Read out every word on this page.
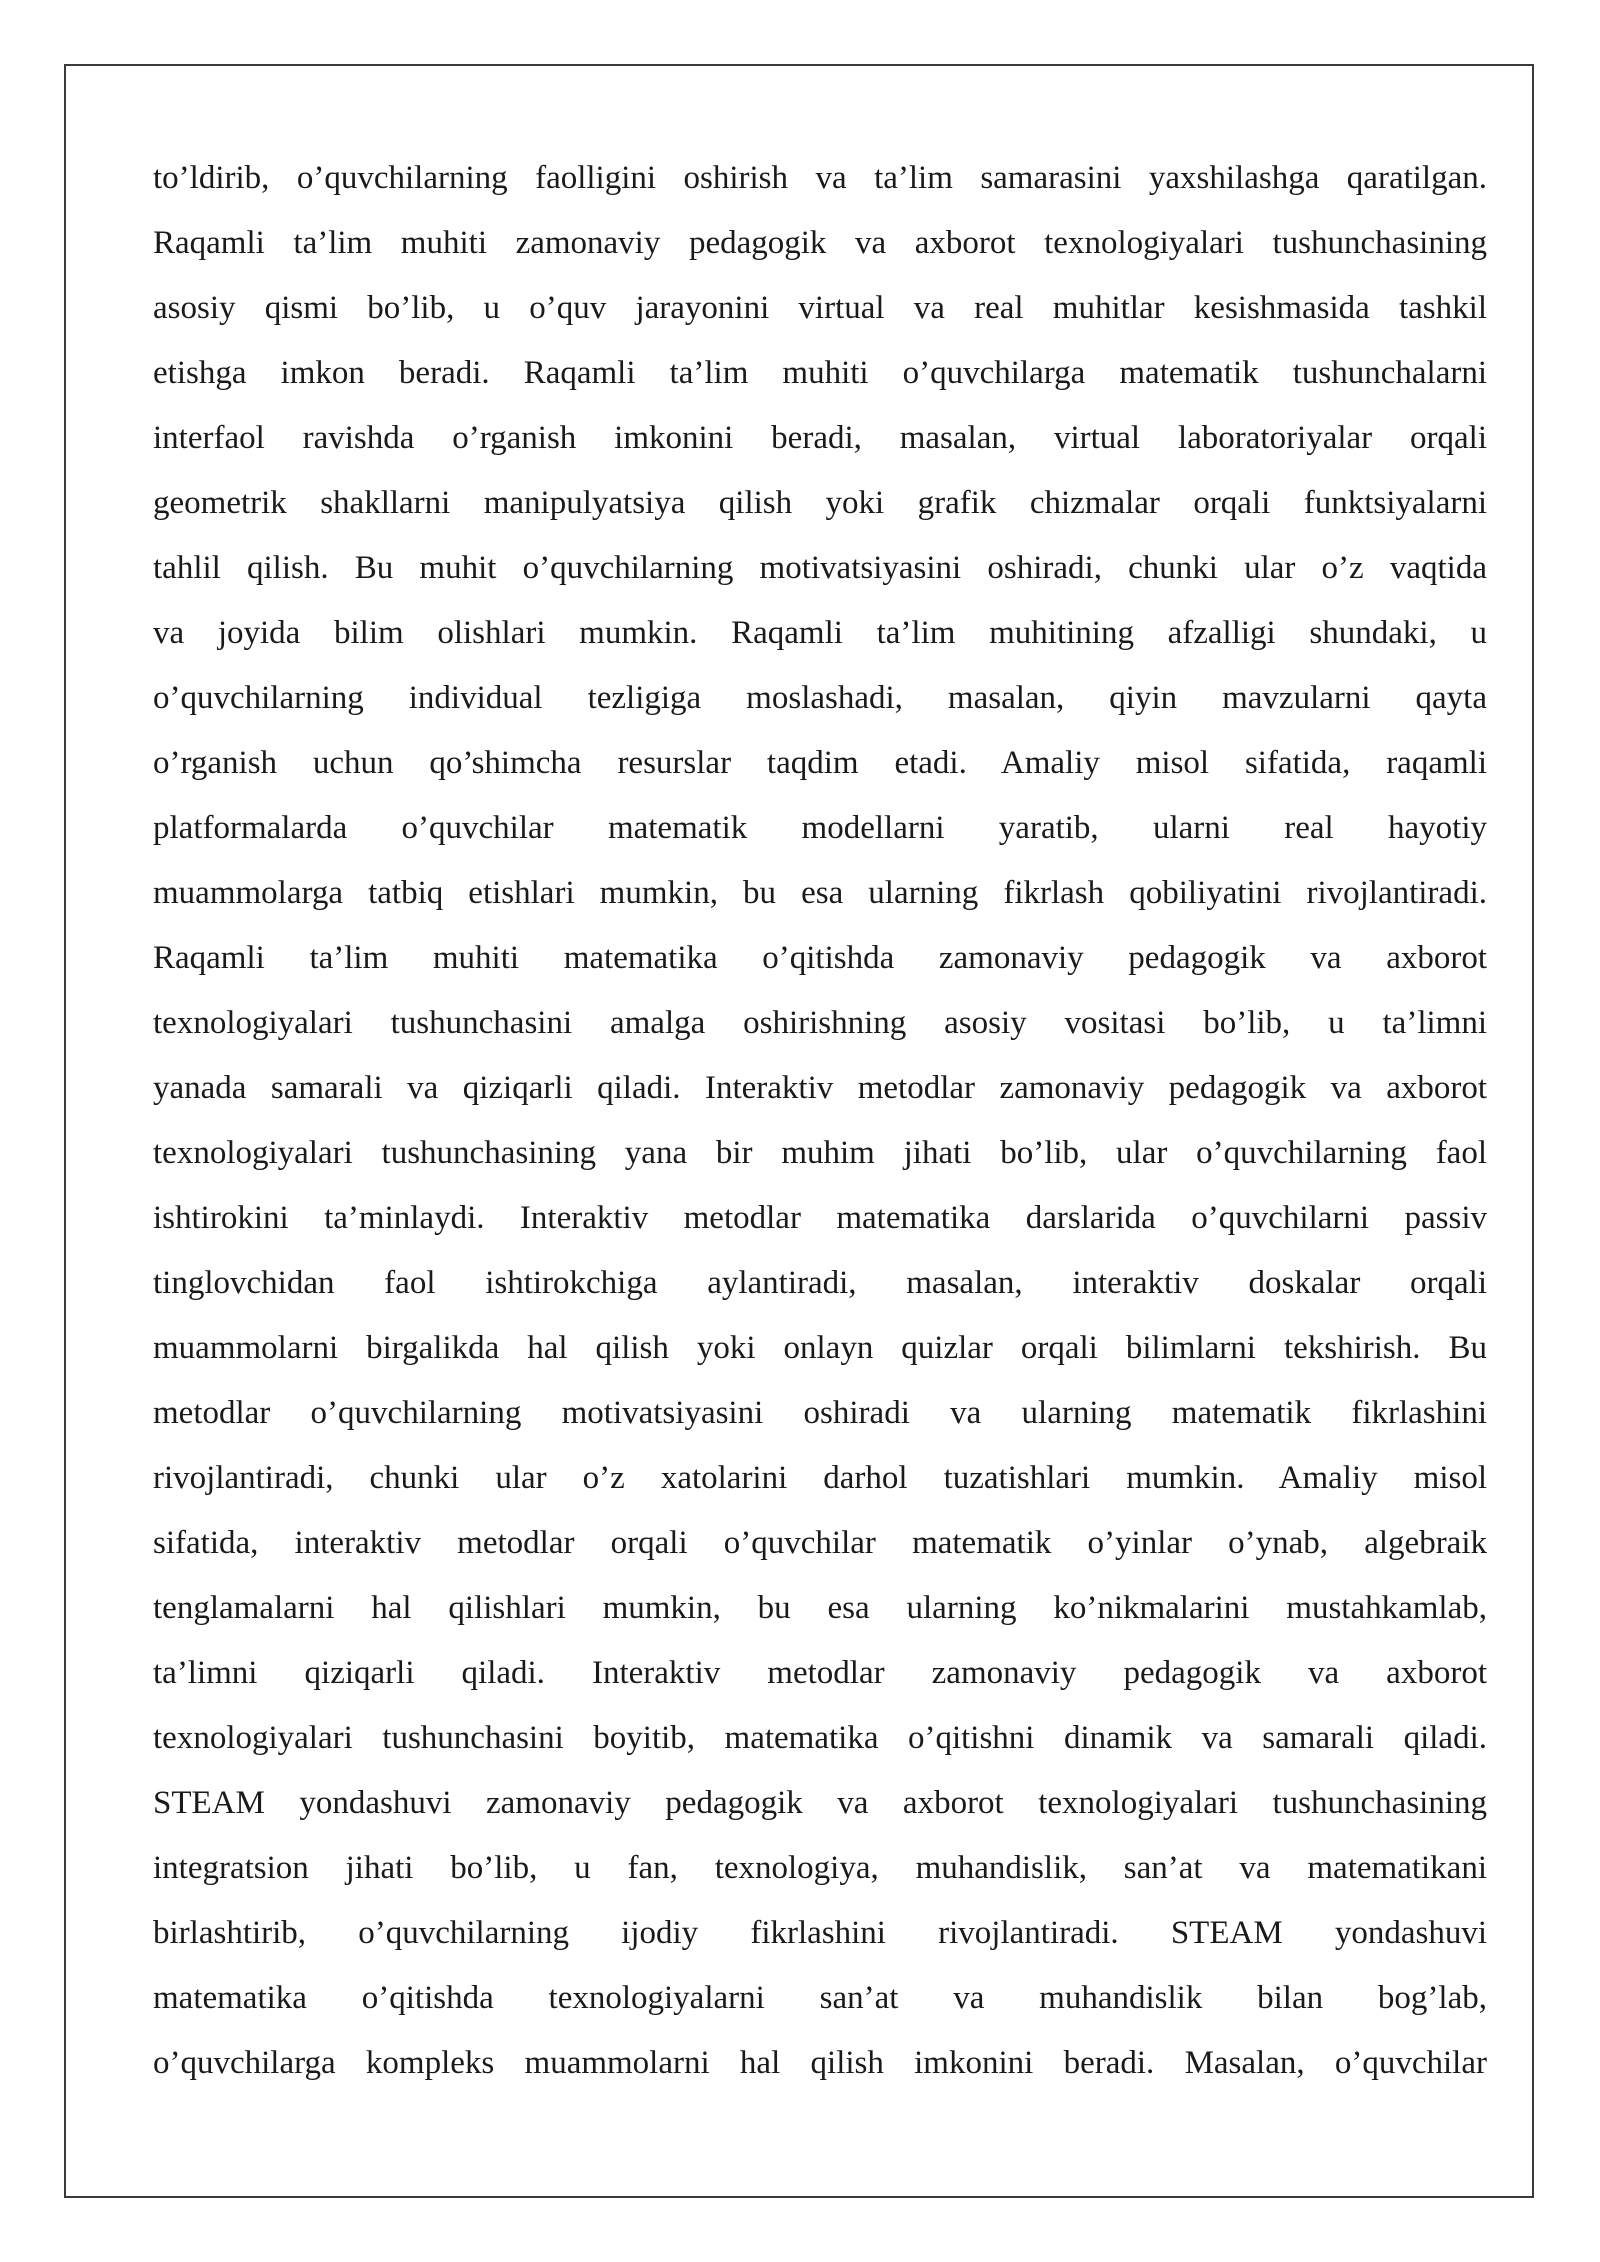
to’ldirib, o’quvchilarning faolligini oshirish va ta’lim samarasini yaxshilashga qaratilgan.
Raqamli ta’lim muhiti zamonaviy pedagogik va axborot texnologiyalari tushunchasining
asosiy qismi bo’lib, u o’quv jarayonini virtual va real muhitlar kesishmasida tashkil
etishga imkon beradi. Raqamli ta’lim muhiti o’quvchilarga matematik tushunchalarni
interfaol ravishda o’rganish imkonini beradi, masalan, virtual laboratoriyalar orqali
geometrik shakllarni manipulyatsiya qilish yoki grafik chizmalar orqali funktsiyalarni
tahlil qilish. Bu muhit o’quvchilarning motivatsiyasini oshiradi, chunki ular o’z vaqtida
va joyida bilim olishlari mumkin. Raqamli ta’lim muhitining afzalligi shundaki, u
o’quvchilarning individual tezligiga moslashadi, masalan, qiyin mavzularni qayta
o’rganish uchun qo’shimcha resurslar taqdim etadi. Amaliy misol sifatida, raqamli
platformalarda o’quvchilar matematik modellarni yaratib, ularni real hayotiy
muammolarga tatbiq etishlari mumkin, bu esa ularning fikrlash qobiliyatini rivojlantiradi.
Raqamli ta’lim muhiti matematika o’qitishda zamonaviy pedagogik va axborot
texnologiyalari tushunchasini amalga oshirishning asosiy vositasi bo’lib, u ta’limni
yanada samarali va qiziqarli qiladi. Interaktiv metodlar zamonaviy pedagogik va axborot
texnologiyalari tushunchasining yana bir muhim jihati bo’lib, ular o’quvchilarning faol
ishtirokini ta’minlaydi. Interaktiv metodlar matematika darslarida o’quvchilarni passiv
tinglovchidan faol ishtirokchiga aylantiradi, masalan, interaktiv doskalar orqali
muammolarni birgalikda hal qilish yoki onlayn quizlar orqali bilimlarni tekshirish. Bu
metodlar o’quvchilarning motivatsiyasini oshiradi va ularning matematik fikrlashini
rivojlantiradi, chunki ular o’z xatolarini darhol tuzatishlari mumkin. Amaliy misol
sifatida, interaktiv metodlar orqali o’quvchilar matematik o’yinlar o’ynab, algebraik
tenglamalarni hal qilishlari mumkin, bu esa ularning ko’nikmalarini mustahkamlab,
ta’limni qiziqarli qiladi. Interaktiv metodlar zamonaviy pedagogik va axborot
texnologiyalari tushunchasini boyitib, matematika o’qitishni dinamik va samarali qiladi.
STEAM yondashuvi zamonaviy pedagogik va axborot texnologiyalari tushunchasining
integratsion jihati bo’lib, u fan, texnologiya, muhandislik, san’at va matematikani
birlashtirib, o’quvchilarning ijodiy fikrlashini rivojlantiradi. STEAM yondashuvi
matematika o’qitishda texnologiyalarni san’at va muhandislik bilan bog’lab,
o’quvchilarga kompleks muammolarni hal qilish imkonini beradi. Masalan, o’quvchilar
